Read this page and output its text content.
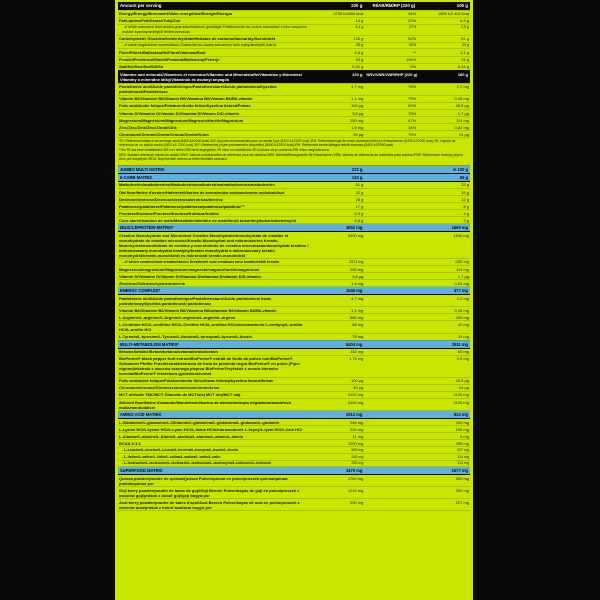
Amount per serving	220 g	RI/AR/RM/RP (220 g)	100 g
Energy/Energy/Brennwert/Valor energético/Énergie/Energía	3730 kJ/894 kcal	44%	1695 kJ/ 402 kcal
Fat/Lipides/Fett/Grassi/Tuky/Zsír	14 g	20%	6,3 g
- of which saturates/ dont acides gras saturés/davon gesättigte Fettsäuren/de las cuales saturadas/ z toho nasycené mastné kyseliny/amelyből telített zsírsavak	5,4 g	27%	2,5 g
Carbohydrate/ Glucides/Kohlenhydrate/Hidratos de carbono/Sacharidy/Szénhidrát	136 g	52%	61 g
- of which sugars/dont sucres/davon Zucker/de los cuales azúcares/z toho cukry/amelyből cukrok	85 g	95%	39 g
Fibre/Fibres/Ballaststoffe/Fibra/Vláknina/Rost	6,8 g	**	3,1 g
Protein/Protéines/Eiweiß/Proteína/Bielkoviny/Fehérje	53 g	106%	24 g
Salt/Sel/Salz/Sal/Sůl/Só	0,31 g	5%	0,14 g
Vitamins and minerals/Vitamines et minéraux/Vitamine und Mineralstoffe/Vitaminas y Minerales/ Vitaminy a minerálne látky/Vitaminok és ásványi anyagok	220 g	NRV/VNR/VNR/RHP (220 g)	100 g
Pantothenic acid/Acide pantothénique/Pantothensäure/Ácido pantoténico/Kyselina pantoténová/Pantoténsav	4,7 mg	78%	2,2 mg
Vitamin B6/Vitamine B6/Vitamin B6/Vitamina B6/Vitamín B6/B6-vitamin	1,1 mg	79%	0,48 mg
Folic acid/Acide folique/Folsäure/Ácido fólico/Kyselina listová/Folsav	100 µg	50%	45,5 µg
Vitamin D/Vitamine D/Vitamin D/Vitamina D/Vitamín D/D-vitamin	3,8 µg	75%	1,7 µg
Magnesium/Magnésium/Magnesium/Magnesio/Horčík/Magnézium	250 mg	67%	114 mg
Zinc/Zinc/Zink/Zinc/Zinok/Cink	1,8 mg	18%	0,82 mg
Chromium/Chrome/Chrom/Cromo/Chróm/Króm	30 µg	75%	14 µg
*RI: Reference intake of an average adult (8400 kJ/2000 kcal)./AR: Apports recommandés pour un adulte type (8400 kJ/2000 kcal)./RM: Referenzmenge für einen durchschnittlichen Erwachsenen (8400 kJ/2000 kcal)./IR: Ingesta de referencia de un adulto medio (8400 kJ/ 2000 kcal)./RP: Referenčný príjem priemerného dospelého (8400 kJ/2000 kcal)./RH: Referencia bevitel átlagos felnőtt számára (8400 kJ/2000 kcal).
**No RI has been established./AR non défini./RM nicht angegeben./IR valor no establecido./RI hodnota nie je uvedená./RH nincs meghatározva.
NRV: Nutrient reference values for adults./VNR: Valeurs nutritionnelles de référence pour les adultes./NRV: Nährstoffbezugswerte für Erwachsene./VRN: Valores de referencia de nutrientes para adultos./RHP: Referenčné hodnoty príjmu živín pre dospelých./RDA: Napi beviteli referencia érték felnőttek számára.
JUMBO MULTI MATRIX	223 g		in 100 g
6-CARB MATRIX	143 g		65 g
Maltodextrin/maltodextrine/Maltodextrin/maltodextrina/maltodextrína/maltodextrin	51 g		23 g
Oat flour/farine d'avoine/Hafermehl/harina de avena/múka ovsiana/ovaria múka/zabliszt	32 g		15 g
Dextrose/dextrose/Dextrose/dextrosa/dextróza/dextróz	28 g		12 g
Palatinose/palatinose/Palatinose/palatinosa/palatinóza/palatinóz™	17 g		8 g
Fructose/fructose/Fructose/fructosa/fruktóza/fruktóz	8,5 g		4 g
Corn starch/amidon de maïs/Maisstärke/almidón de maíz/škrob kukuričný/kukoricakeményítő	6,8 g		3 g
MUSCLEPROTEIN MATRIX*	3652 mg		1660 mg
Creatine Monohydrate and Micronized Creatine Monohydrate/monohydrate de créatine et monohydrate de créatine micronisé/Kreatin-Monohydrat und mikronisiertes Kreatin-Monohydrat/monohidrato de creatina y monohidrato de creatina micronizado/monohydrát kreatínu i mikronizowany monohydrat kreatyny/kreatín monohydrát a mikronizovaný kreatín monohydrát/kreatin-monohidrát és mikronizált kreatin-monohidrát	3400 mg		1546 mg
- of which creatine/dont créatine/davon Kreatin/del cual creatina/z toho kreatín/ebből kreatin	2971 mg		1351 mg
Magnesium/magnésium/Magnesium/magnesio/magnez/horčík/magnézium	250 mg		114 mg
Vitamin D/Vitamine D/Vitamin D/Vitamina D/witamina D/vitamín D/D-vitamin	3,8 µg		1,7 µg
Zinc/zinc/Zink/zinc/cynk/zinok/cink	1,8 mg		0,82 mg
ENERGY COMPLEX*	1049 mg		477 mg
Pantothenic acid/Acide pantothénique/Pantothensäure/Ácido pantoténico/ kwas pantotenowy/kyselina pantoténová/ pantoténsav	4,7 mg		2,2 mg
Vitamin B6/Vitamine B6/Vitamin B6/Vitamina B6/witamina B6/vitamín B6/B6-vitamin	1,1 mg		0,48 mg
L-Arginine/L-arginine/L-Arginin/L-arginina/L-arginín/L-arginin	880 mg		400 mg
L-Ornithine HCl/L-ornithine HCl/L-Ornithin HCl/L-ornitina HCl/chlorowodorek L-ornityny/L-ornitín HCl/L-ornitin HCl	88 mg		40 mg
L-Tyrosin/L-tyrosine/L-Tyrosin/L-tirosina/L-tyrozyna/L-tyrozín/L-tirozin	75 mg		34 mg
MULTI-METABOLISM MATRIX*	6404 mg		2911 mg
Betaine/bétaïne/Betain/betaína/betaina/betaín/betain	132 mg		60 mg
BioPerine® black pepper fruit extract/BioPerine® extrait de fruits de poivre noir/BioPerine® Schwarzer Pfeffer Fruchtextrakt/extracto de fruta de pimienta negra BioPerine® en polvo (Piper nigrum)/ekstrakt z owoców czarnego pieprzu BioPerine®/výťažok z ovocia čierneho korenia/BioPerine® feketebors gyümölcskivonat	1,75 mg		0,8 mg
Folic acid/acide folique/Folsäure/ácido fólico/kwas foliowy/kyselina listová/folsav	100 µg		45,5 µg
Chromium/chrome/Chrom/cromo/chrom/chróm/króm	30 µg		14 µg
MCT oil/huile TMC/MCT Öl/aceite de MCT/olej MCT olej/MCT olaj	2420 mg		1100 mg
Almond flour/farine d'amande/Mandelmehl/harina de almendra/mąka migdałowa/mandľová múka/mandulaliszt	2420 mg		1100 mg
AMINO ACID MATRIX	2012 mg		924 mg
L-Glutamine/L-glutamine/L-Glutamin/L-glutamina/L-glutamina/L-glutamín/L-glutamin	946 mg		430 mg
L-Lysine HCl/L-lysine HCl/L-Lysin HCl/L-lisina HCl/chlorowodorek L-lizyny/L-lyzín HCl/L-lizin HCl	220 mg		100 mg
L-Alanine/L-alanine/L-Alanin/L-alanina/L-alanína/L-alanín/L-alanin	11 mg		5 mg
BCAA 2:1:1	1000 mg		455 mg
- L-Leucine/L-leucine/L-Leucin/L-leucina/L-leucyna/L-leucín/L-leucin	500 mg		227 mg
- L-Valine/L-valine/L-Valin/L-valina/L-walina/L-valín/L-valin	250 mg		114 mg
- L-Isoleucine/L-isoleucine/L-Isoleucin/L-isoleucina/L-izoleucyna/L-izoleucín/L-izoleucin	250 mg		114 mg
SUPERFOOD MATRIX	3470 mg		1577 mg
Quinoa powder/poudre de quinoa/Quinoa Pulver/quinoa en polvo/proszek quinoa/quinoa prášok/quinoa por	1760 mg		800 mg
Goji berry powder/poudre de baies de goji/Goji Beeren Pulver/bayas de goji en polvo/proszek z owoców goji/prášok z bobúľ goji/goji bogyó por	1210 mg		550 mg
Acai berry powder/poudre de baies d'açaï/Acai Beeren Pulver/bayas de acai en polvo/proszek z owoców acai/prášok z bobúľ acai/acai bogyó por	500 mg		227 mg
